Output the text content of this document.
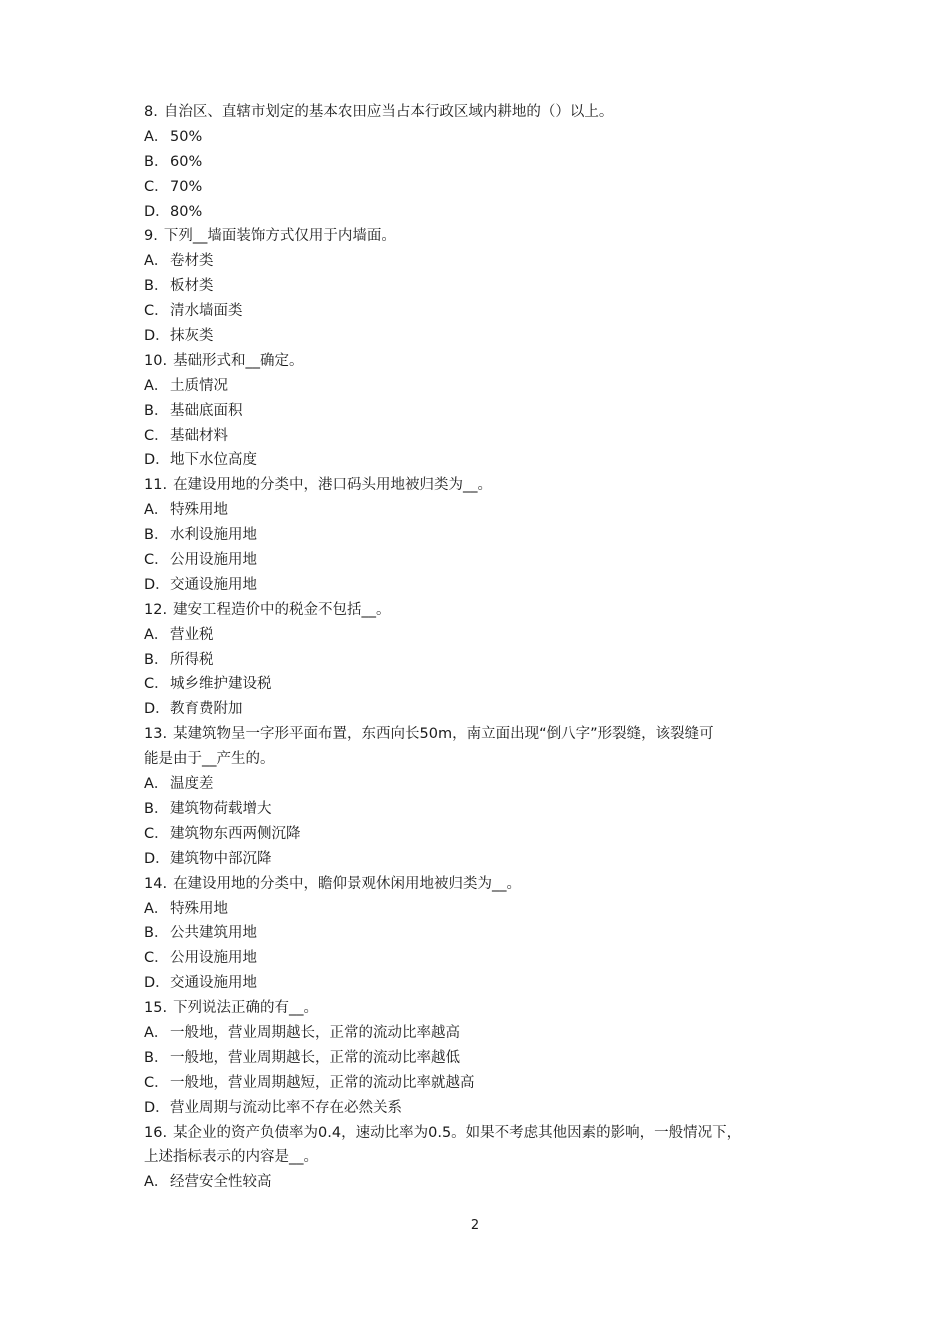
8. 自治区、直辖市划定的基本农田应当占本行政区域内耕地的（）以上。
A． 50%
B． 60%
C．70%
D．80%
9. 下列__墙面装饰方式仅用于内墙面。
A． 卷材类
B． 板材类
C．清水墙面类
D．抹灰类
10. 基础形式和__确定。
A． 土质情况
B． 基础底面积
C．基础材料
D．地下水位高度
11. 在建设用地的分类中，港口码头用地被归类为__。
A． 特殊用地
B． 水利设施用地
C．公用设施用地
D．交通设施用地
12. 建安工程造价中的税金不包括__。
A． 营业税
B． 所得税
C．城乡维护建设税
D．教育费附加
13. 某建筑物呈一字形平面布置，东西向长50m，南立面出现“倒八字”形裂缝，该裂缝可
能是由于__产生的。
A． 温度差
B． 建筑物荷载增大
C．建筑物东西两侧沉降
D．建筑物中部沉降
14. 在建设用地的分类中，瞻仰景观休闲用地被归类为__。
A． 特殊用地
B． 公共建筑用地
C．公用设施用地
D．交通设施用地
15. 下列说法正确的有__。
A． 一般地，营业周期越长，正常的流动比率越高
B． 一般地，营业周期越长，正常的流动比率越低
C．一般地，营业周期越短，正常的流动比率就越高
D．营业周期与流动比率不存在必然关系
16. 某企业的资产负债率为0.4，速动比率为0.5。如果不考虑其他因素的影响，一般情况下，
上述指标表示的内容是__。
A． 经营安全性较高
2
